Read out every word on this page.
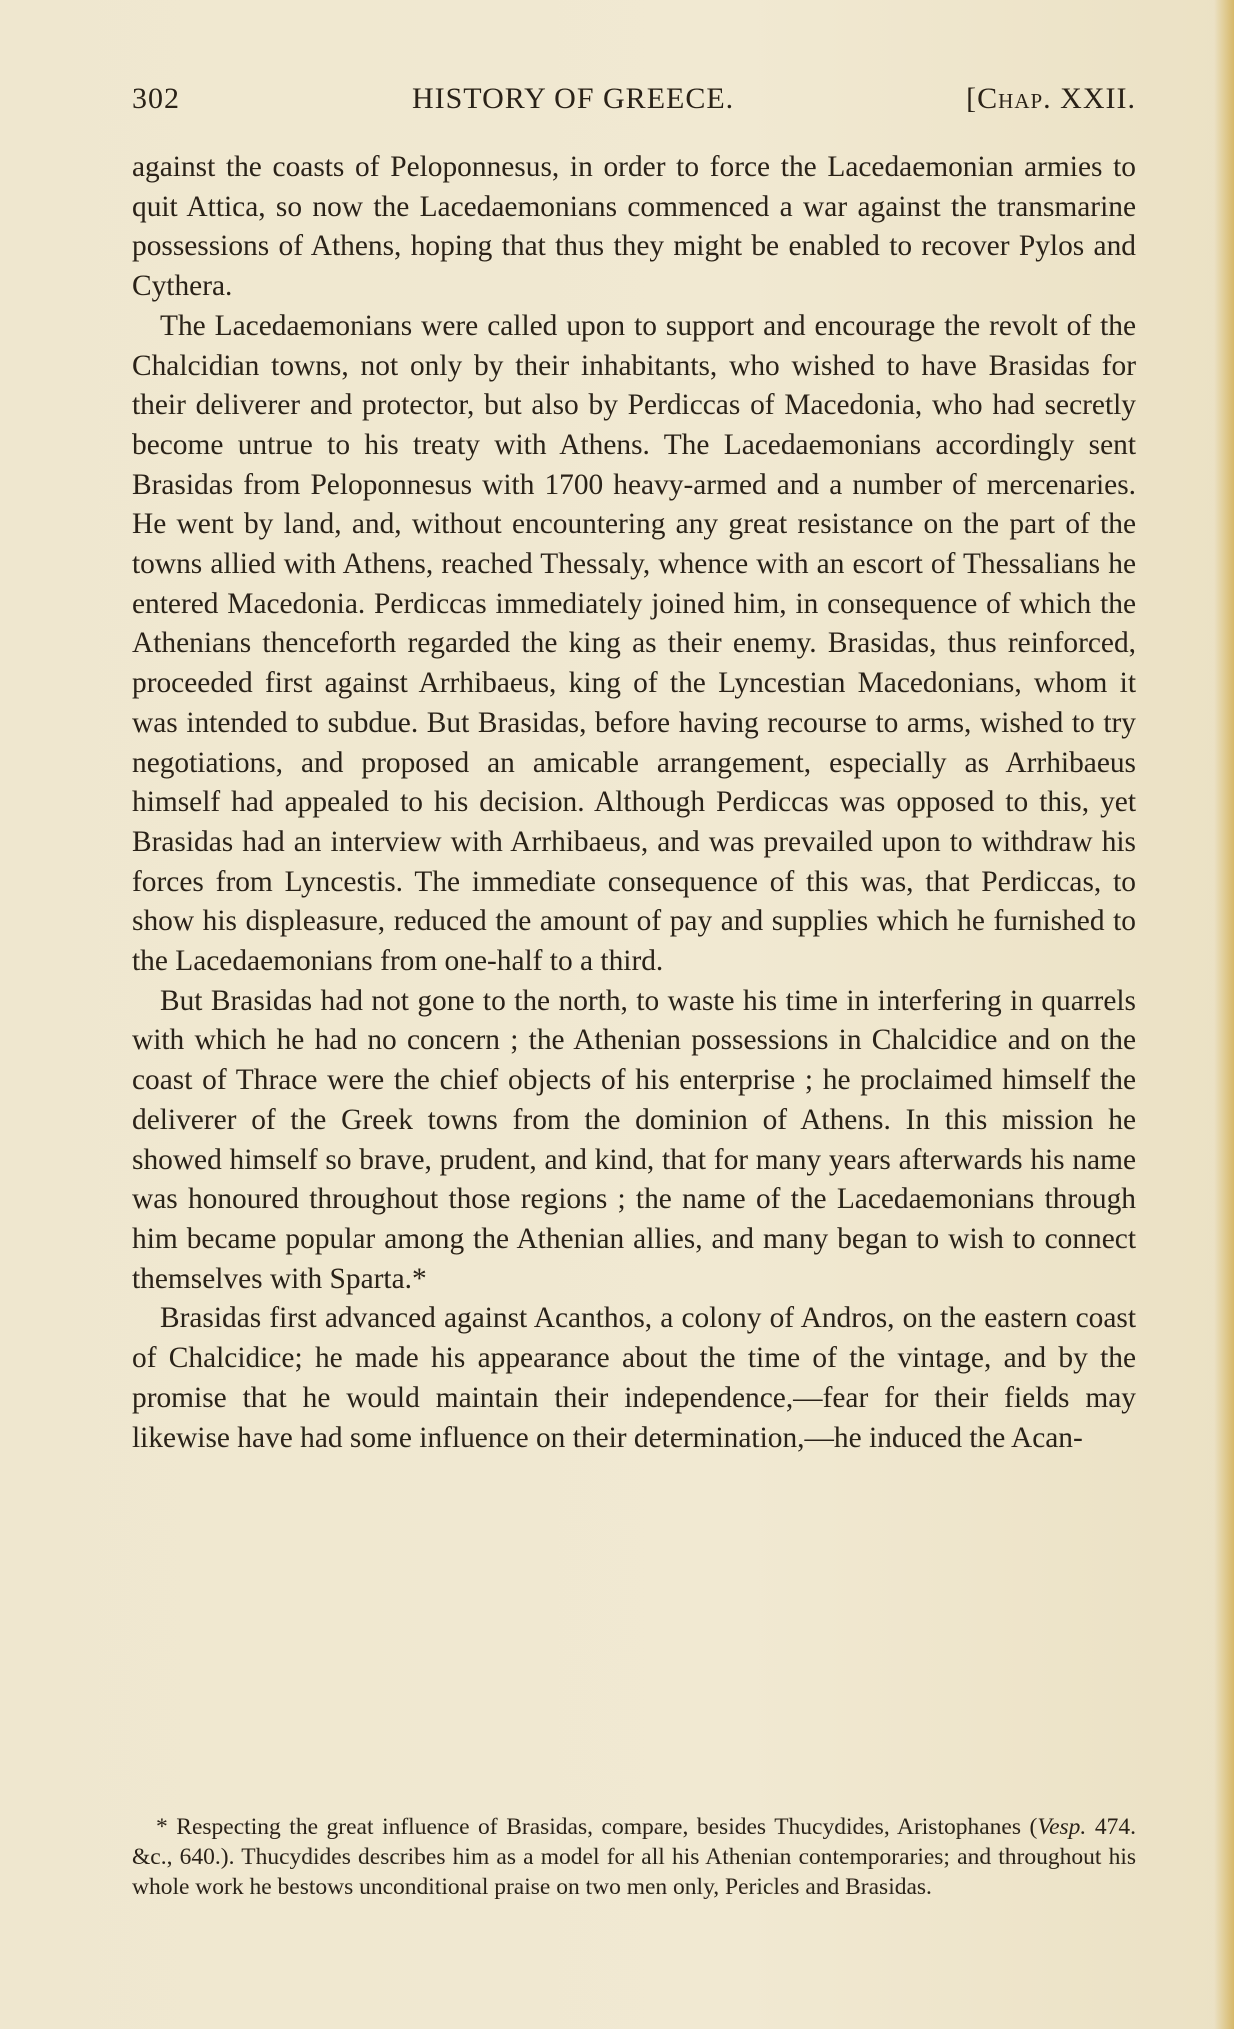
302	HISTORY OF GREECE.	[Chap. XXII.

against the coasts of Peloponnesus, in order to force the Lacedaemonian armies to quit Attica, so now the Lacedaemonians commenced a war against the transmarine possessions of Athens, hoping that thus they might be enabled to recover Pylos and Cythera.

The Lacedaemonians were called upon to support and encourage the revolt of the Chalcidian towns, not only by their inhabitants, who wished to have Brasidas for their deliverer and protector, but also by Perdiccas of Macedonia, who had secretly become untrue to his treaty with Athens. The Lacedaemonians accordingly sent Brasidas from Peloponnesus with 1700 heavy-armed and a number of mercenaries. He went by land, and, without encountering any great resistance on the part of the towns allied with Athens, reached Thessaly, whence with an escort of Thessalians he entered Macedonia. Perdiccas immediately joined him, in consequence of which the Athenians thenceforth regarded the king as their enemy. Brasidas, thus reinforced, proceeded first against Arrhibaeus, king of the Lyncestian Macedonians, whom it was intended to subdue. But Brasidas, before having recourse to arms, wished to try negotiations, and proposed an amicable arrangement, especially as Arrhibaeus himself had appealed to his decision. Although Perdiccas was opposed to this, yet Brasidas had an interview with Arrhibaeus, and was prevailed upon to withdraw his forces from Lyncestis. The immediate consequence of this was, that Perdiccas, to show his displeasure, reduced the amount of pay and supplies which he furnished to the Lacedaemonians from one-half to a third.

But Brasidas had not gone to the north, to waste his time in interfering in quarrels with which he had no concern ; the Athenian possessions in Chalcidice and on the coast of Thrace were the chief objects of his enterprise ; he proclaimed himself the deliverer of the Greek towns from the dominion of Athens. In this mission he showed himself so brave, prudent, and kind, that for many years afterwards his name was honoured throughout those regions ; the name of the Lacedaemonians through him became popular among the Athenian allies, and many began to wish to connect themselves with Sparta.*

Brasidas first advanced against Acanthos, a colony of Andros, on the eastern coast of Chalcidice; he made his appearance about the time of the vintage, and by the promise that he would maintain their independence,—fear for their fields may likewise have had some influence on their determination,—he induced the Acan-

* Respecting the great influence of Brasidas, compare, besides Thucydides, Aristophanes (Vesp. 474. &c., 640.). Thucydides describes him as a model for all his Athenian contemporaries; and throughout his whole work he bestows unconditional praise on two men only, Pericles and Brasidas.
